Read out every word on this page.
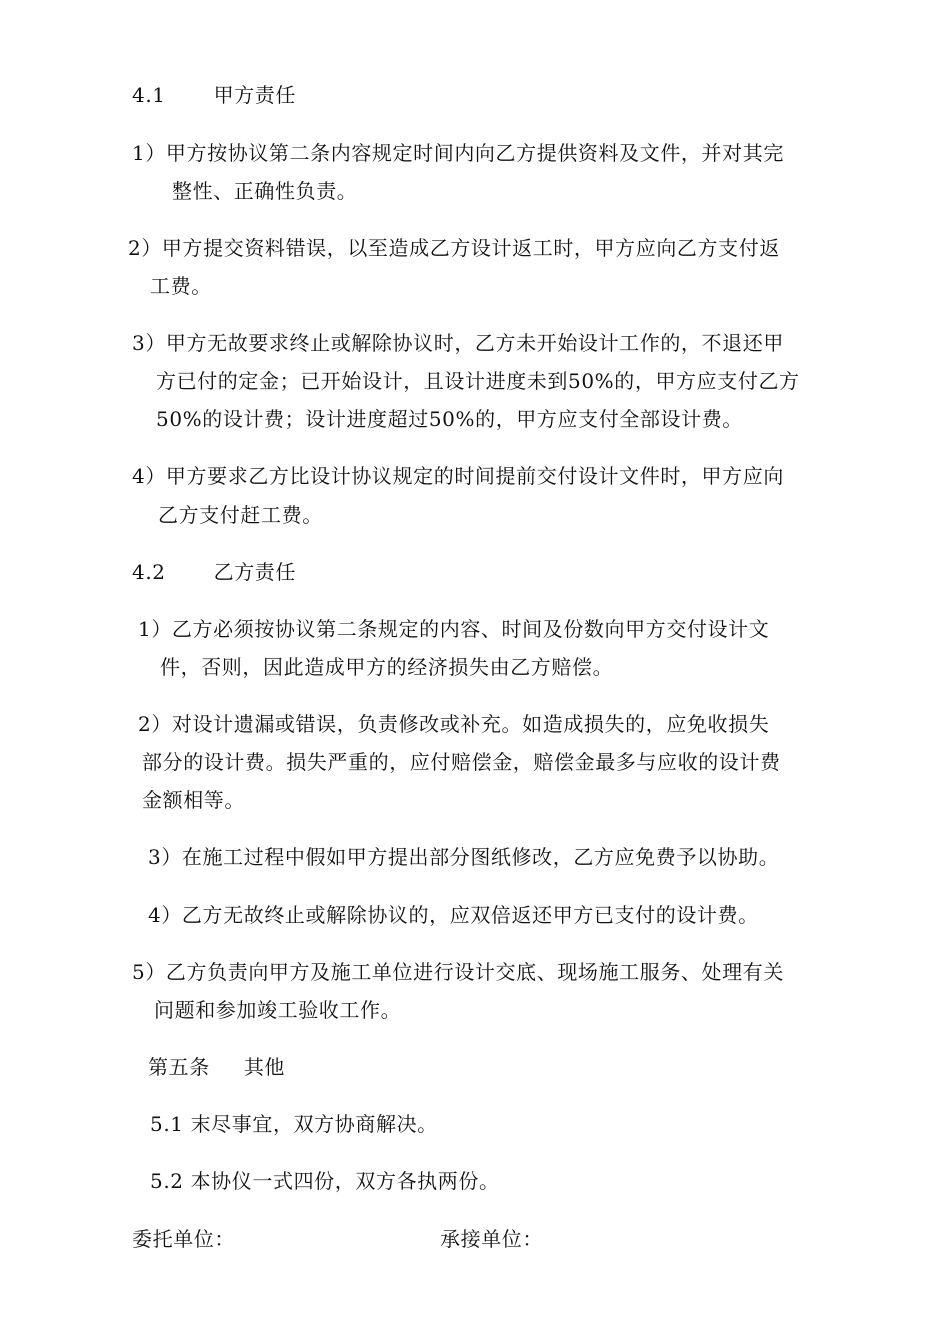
4.1 甲方责任
1）甲方按协议第二条内容规定时间内向乙方提供资料及文件，并对其完
整性、正确性负责。
2）甲方提交资料错误，以至造成乙方设计返工时，甲方应向乙方支付返
工费。
3）甲方无故要求终止或解除协议时，乙方未开始设计工作的，不退还甲
方已付的定金；已开始设计，且设计进度未到50%的，甲方应支付乙方
50%的设计费；设计进度超过50%的，甲方应支付全部设计费。
4）甲方要求乙方比设计协议规定的时间提前交付设计文件时，甲方应向
乙方支付赶工费。
4.2 乙方责任
1）乙方必须按协议第二条规定的内容、时间及份数向甲方交付设计文
件，否则，因此造成甲方的经济损失由乙方赔偿。
2）对设计遗漏或错误，负责修改或补充。如造成损失的，应免收损失
部分的设计费。损失严重的，应付赔偿金，赔偿金最多与应收的设计费
金额相等。
3）在施工过程中假如甲方提出部分图纸修改，乙方应免费予以协助。
4）乙方无故终止或解除协议的，应双倍返还甲方已支付的设计费。
5）乙方负责向甲方及施工单位进行设计交底、现场施工服务、处理有关
问题和参加竣工验收工作。
第五条 其他
5.1 末尽事宜，双方协商解决。
5.2 本协仪一式四份，双方各执两份。
委托单位：	承接单位：
